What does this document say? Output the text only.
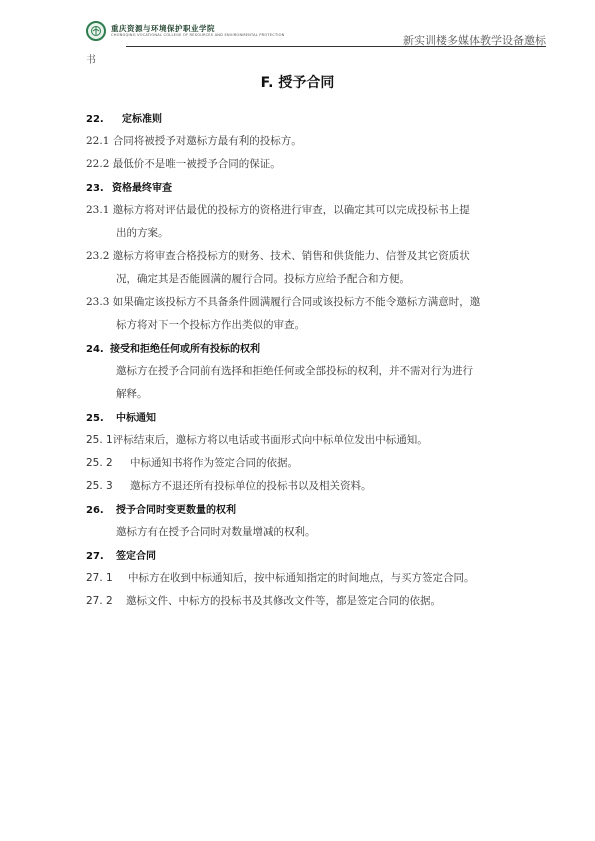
重庆资源与环境保护职业学院
CHONGQING VOCATIONAL COLLEGE OF RESOURCES AND ENVIRONMENTAL PROTECTION	新实训楼多媒体教学设备邀标
书
F. 授予合同
22. 定标准则
22.1 合同将被授予对邀标方最有利的投标方。
22.2 最低价不是唯一被授予合同的保证。
23. 资格最终审查
23.1 邀标方将对评估最优的投标方的资格进行审查，以确定其可以完成投标书上提
出的方案。
23.2 邀标方将审查合格投标方的财务、技术、销售和供货能力、信誉及其它资质状
况，确定其是否能圆满的履行合同。投标方应给予配合和方便。
23.3 如果确定该投标方不具备条件圆满履行合同或该投标方不能令邀标方满意时，邀
标方将对下一个投标方作出类似的审查。
24. 接受和拒绝任何或所有投标的权利
邀标方在授予合同前有选择和拒绝任何或全部投标的权利，并不需对行为进行
解释。
25. 中标通知
25. 1评标结束后，邀标方将以电话或书面形式向中标单位发出中标通知。
25. 2 中标通知书将作为签定合同的依据。
25. 3 邀标方不退还所有投标单位的投标书以及相关资料。
26. 授予合同时变更数量的权利
邀标方有在授予合同时对数量增减的权利。
27. 签定合同
27. 1 中标方在收到中标通知后，按中标通知指定的时间地点，与买方签定合同。
27. 2 邀标文件、中标方的投标书及其修改文件等，都是签定合同的依据。
